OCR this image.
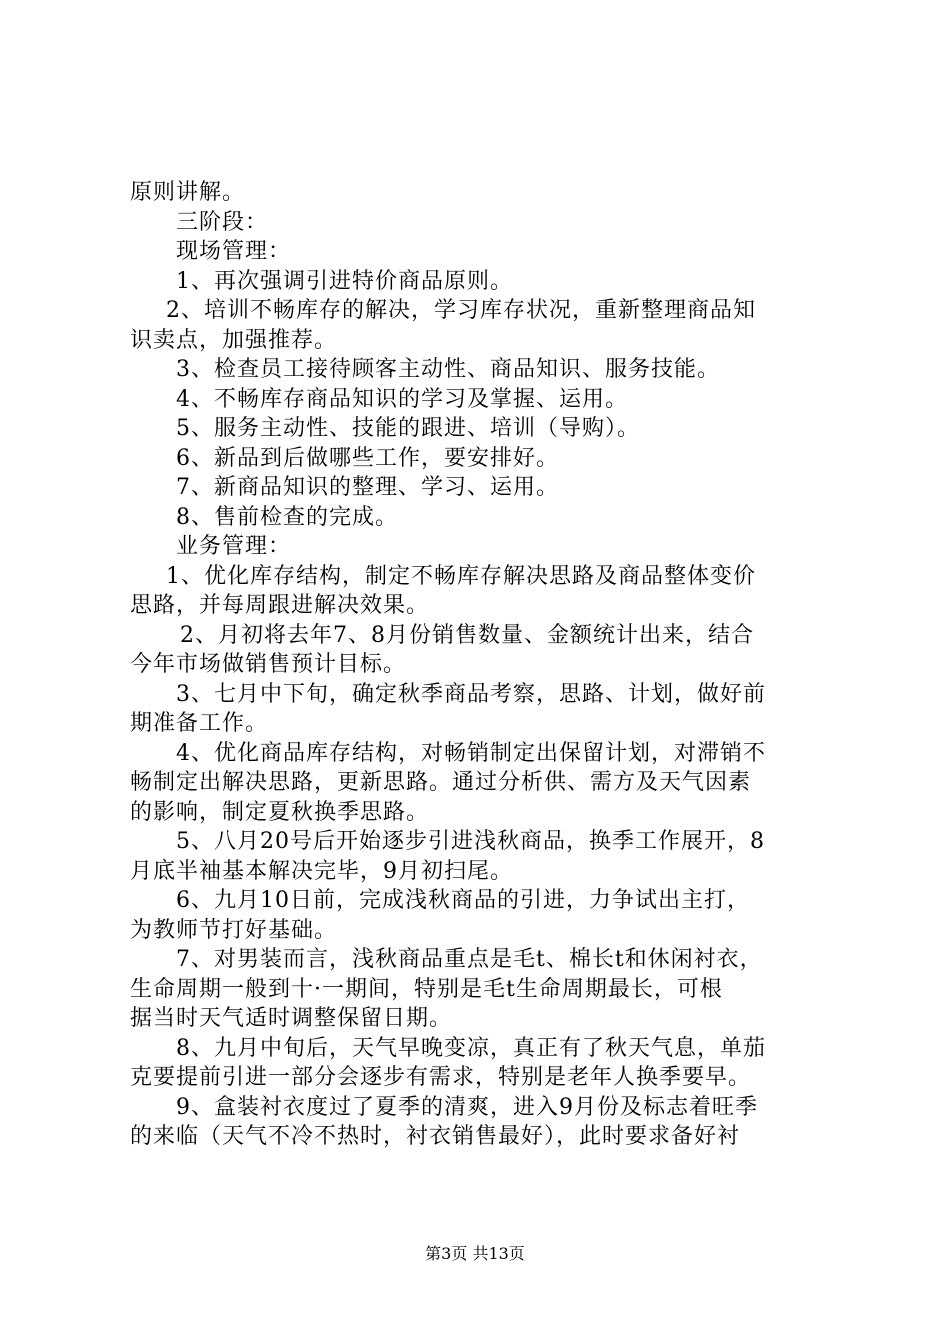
原则讲解。
三阶段：
现场管理：
1、再次强调引进特价商品原则。
2、培训不畅库存的解决，学习库存状况，重新整理商品知
识卖点，加强推荐。
3、检查员工接待顾客主动性、商品知识、服务技能。
4、不畅库存商品知识的学习及掌握、运用。
5、服务主动性、技能的跟进、培训（导购）。
6、新品到后做哪些工作，要安排好。
7、新商品知识的整理、学习、运用。
8、售前检查的完成。
业务管理：
1、优化库存结构，制定不畅库存解决思路及商品整体变价
思路，并每周跟进解决效果。
2、月初将去年7、8月份销售数量、金额统计出来，结合
今年市场做销售预计目标。
3、七月中下旬，确定秋季商品考察，思路、计划，做好前
期准备工作。
4、优化商品库存结构，对畅销制定出保留计划，对滞销不
畅制定出解决思路，更新思路。通过分析供、需方及天气因素
的影响，制定夏秋换季思路。
5、八月20号后开始逐步引进浅秋商品，换季工作展开，8
月底半袖基本解决完毕，9月初扫尾。
6、九月10日前，完成浅秋商品的引进，力争试出主打，
为教师节打好基础。
7、对男装而言，浅秋商品重点是毛t、棉长t和休闲衬衣，
生命周期一般到十·一期间，特别是毛t生命周期最长，可根
据当时天气适时调整保留日期。
8、九月中旬后，天气早晚变凉，真正有了秋天气息，单茄
克要提前引进一部分会逐步有需求，特别是老年人换季要早。
9、盒装衬衣度过了夏季的清爽，进入9月份及标志着旺季
的来临（天气不冷不热时，衬衣销售最好），此时要求备好衬
第3页 共13页
